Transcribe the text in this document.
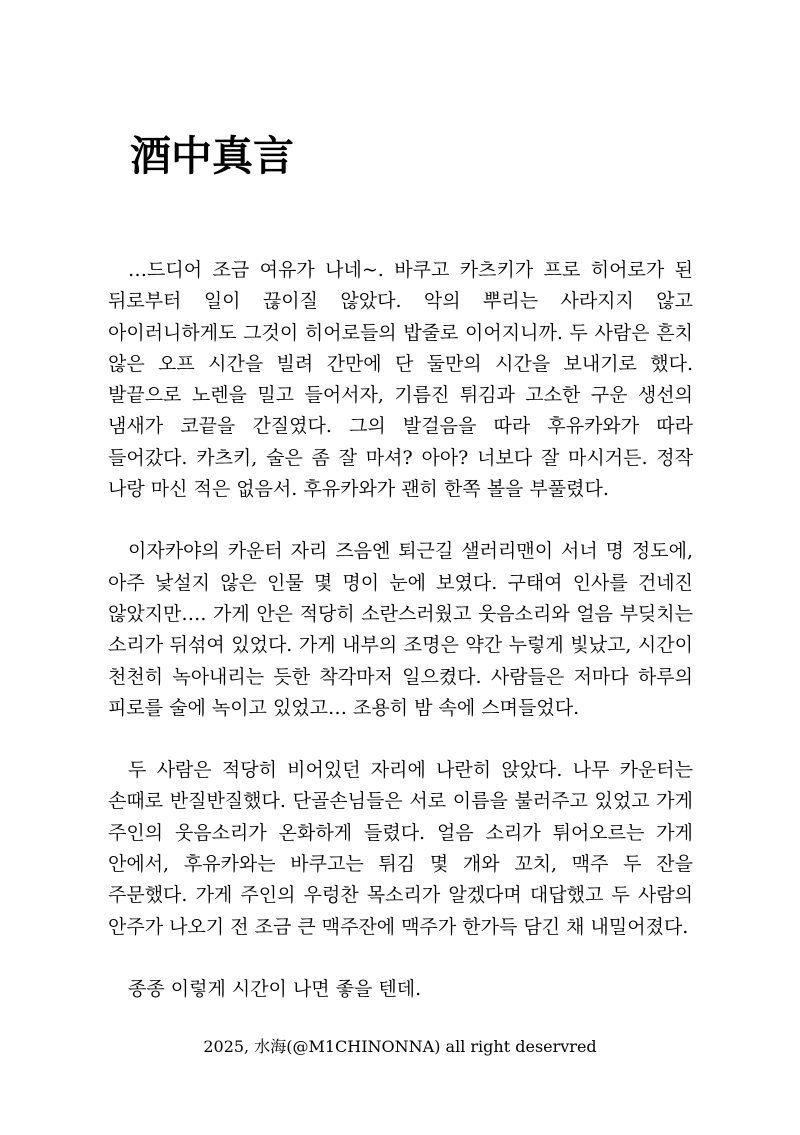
酒中真言

…드디어 조금 여유가 나네~. 바쿠고 카츠키가 프로 히어로가 된 뒤로부터 일이 끊이질 않았다. 악의 뿌리는 사라지지 않고 아이러니하게도 그것이 히어로들의 밥줄로 이어지니까. 두 사람은 흔치 않은 오프 시간을 빌려 간만에 단 둘만의 시간을 보내기로 했다. 발끝으로 노렌을 밀고 들어서자, 기름진 튀김과 고소한 구운 생선의 냄새가 코끝을 간질였다. 그의 발걸음을 따라 후유카와가 따라 들어갔다. 카츠키, 술은 좀 잘 마셔? 아아? 너보다 잘 마시거든. 정작 나랑 마신 적은 없음서. 후유카와가 괜히 한쪽 볼을 부풀렸다.

이자카야의 카운터 자리 즈음엔 퇴근길 샐러리맨이 서너 명 정도에, 아주 낯설지 않은 인물 몇 명이 눈에 보였다. 구태여 인사를 건네진 않았지만…. 가게 안은 적당히 소란스러웠고 웃음소리와 얼음 부딪치는 소리가 뒤섞여 있었다. 가게 내부의 조명은 약간 누렇게 빛났고, 시간이 천천히 녹아내리는 듯한 착각마저 일으켰다. 사람들은 저마다 하루의 피로를 술에 녹이고 있었고… 조용히 밤 속에 스며들었다.

두 사람은 적당히 비어있던 자리에 나란히 앉았다. 나무 카운터는 손때로 반질반질했다. 단골손님들은 서로 이름을 불러주고 있었고 가게 주인의 웃음소리가 온화하게 들렸다. 얼음 소리가 튀어오르는 가게 안에서, 후유카와는 바쿠고는 튀김 몇 개와 꼬치, 맥주 두 잔을 주문했다. 가게 주인의 우렁찬 목소리가 알겠다며 대답했고 두 사람의 안주가 나오기 전 조금 큰 맥주잔에 맥주가 한가득 담긴 채 내밀어졌다.

종종 이렇게 시간이 나면 좋을 텐데.

2025, 水海(@M1CHINONNA) all right deservred
